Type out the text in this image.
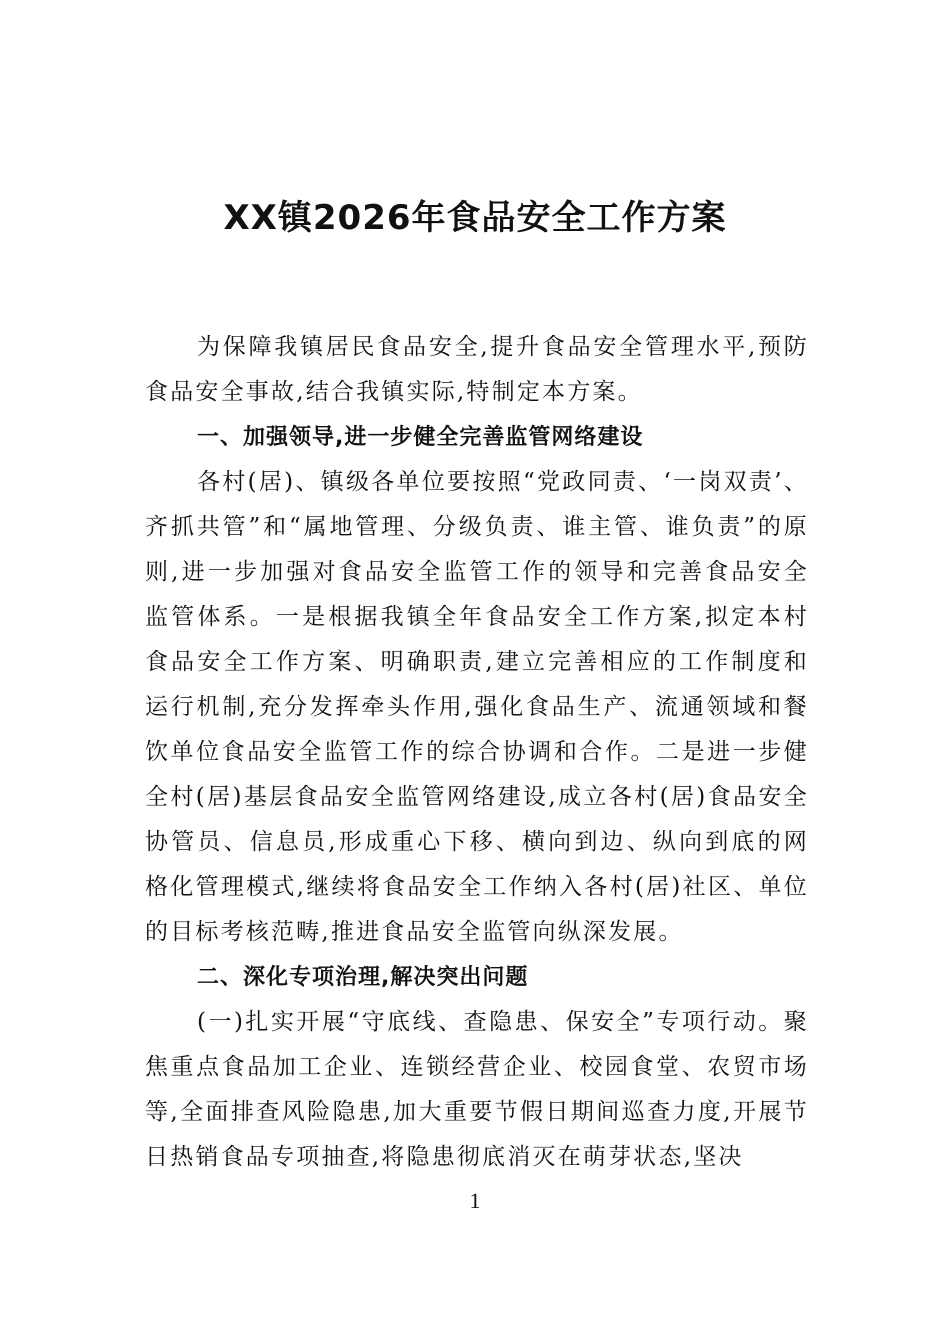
XX镇2026年食品安全工作方案

为保障我镇居民食品安全,提升食品安全管理水平,预防食品安全事故,结合我镇实际,特制定本方案。

一、加强领导,进一步健全完善监管网络建设

各村(居)、镇级各单位要按照“党政同责、‘一岗双责’、齐抓共管”和“属地管理、分级负责、谁主管、谁负责”的原则,进一步加强对食品安全监管工作的领导和完善食品安全监管体系。一是根据我镇全年食品安全工作方案,拟定本村食品安全工作方案、明确职责,建立完善相应的工作制度和运行机制,充分发挥牵头作用,强化食品生产、流通领域和餐饮单位食品安全监管工作的综合协调和合作。二是进一步健全村(居)基层食品安全监管网络建设,成立各村(居)食品安全协管员、信息员,形成重心下移、横向到边、纵向到底的网格化管理模式,继续将食品安全工作纳入各村(居)社区、单位的目标考核范畴,推进食品安全监管向纵深发展。

二、深化专项治理,解决突出问题

(一)扎实开展“守底线、查隐患、保安全”专项行动。聚焦重点食品加工企业、连锁经营企业、校园食堂、农贸市场等,全面排查风险隐患,加大重要节假日期间巡查力度,开展节日热销食品专项抽查,将隐患彻底消灭在萌芽状态,坚决

1
